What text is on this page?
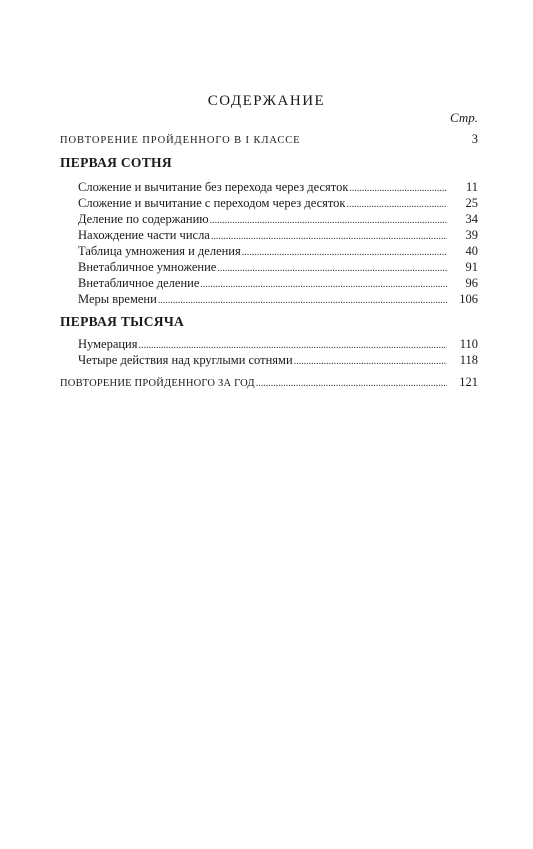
СОДЕРЖАНИЕ
Стр.
ПОВТОРЕНИЕ ПРОЙДЕННОГО В I КЛАССЕ	3
ПЕРВАЯ СОТНЯ
Сложение и вычитание без перехода через десяток .....	11
Сложение и вычитание с переходом через десяток .....	25
Деление по содержанию .....	34
Нахождение части числа .....	39
Таблица умножения и деления .....	40
Внетабличное умножение .....	91
Внетабличное деление .....	96
Меры времени .....	106
ПЕРВАЯ ТЫСЯЧА
Нумерация .....	110
Четыре действия над круглыми сотнями .....	118
ПОВТОРЕНИЕ ПРОЙДЕННОГО ЗА ГОД .....	121
